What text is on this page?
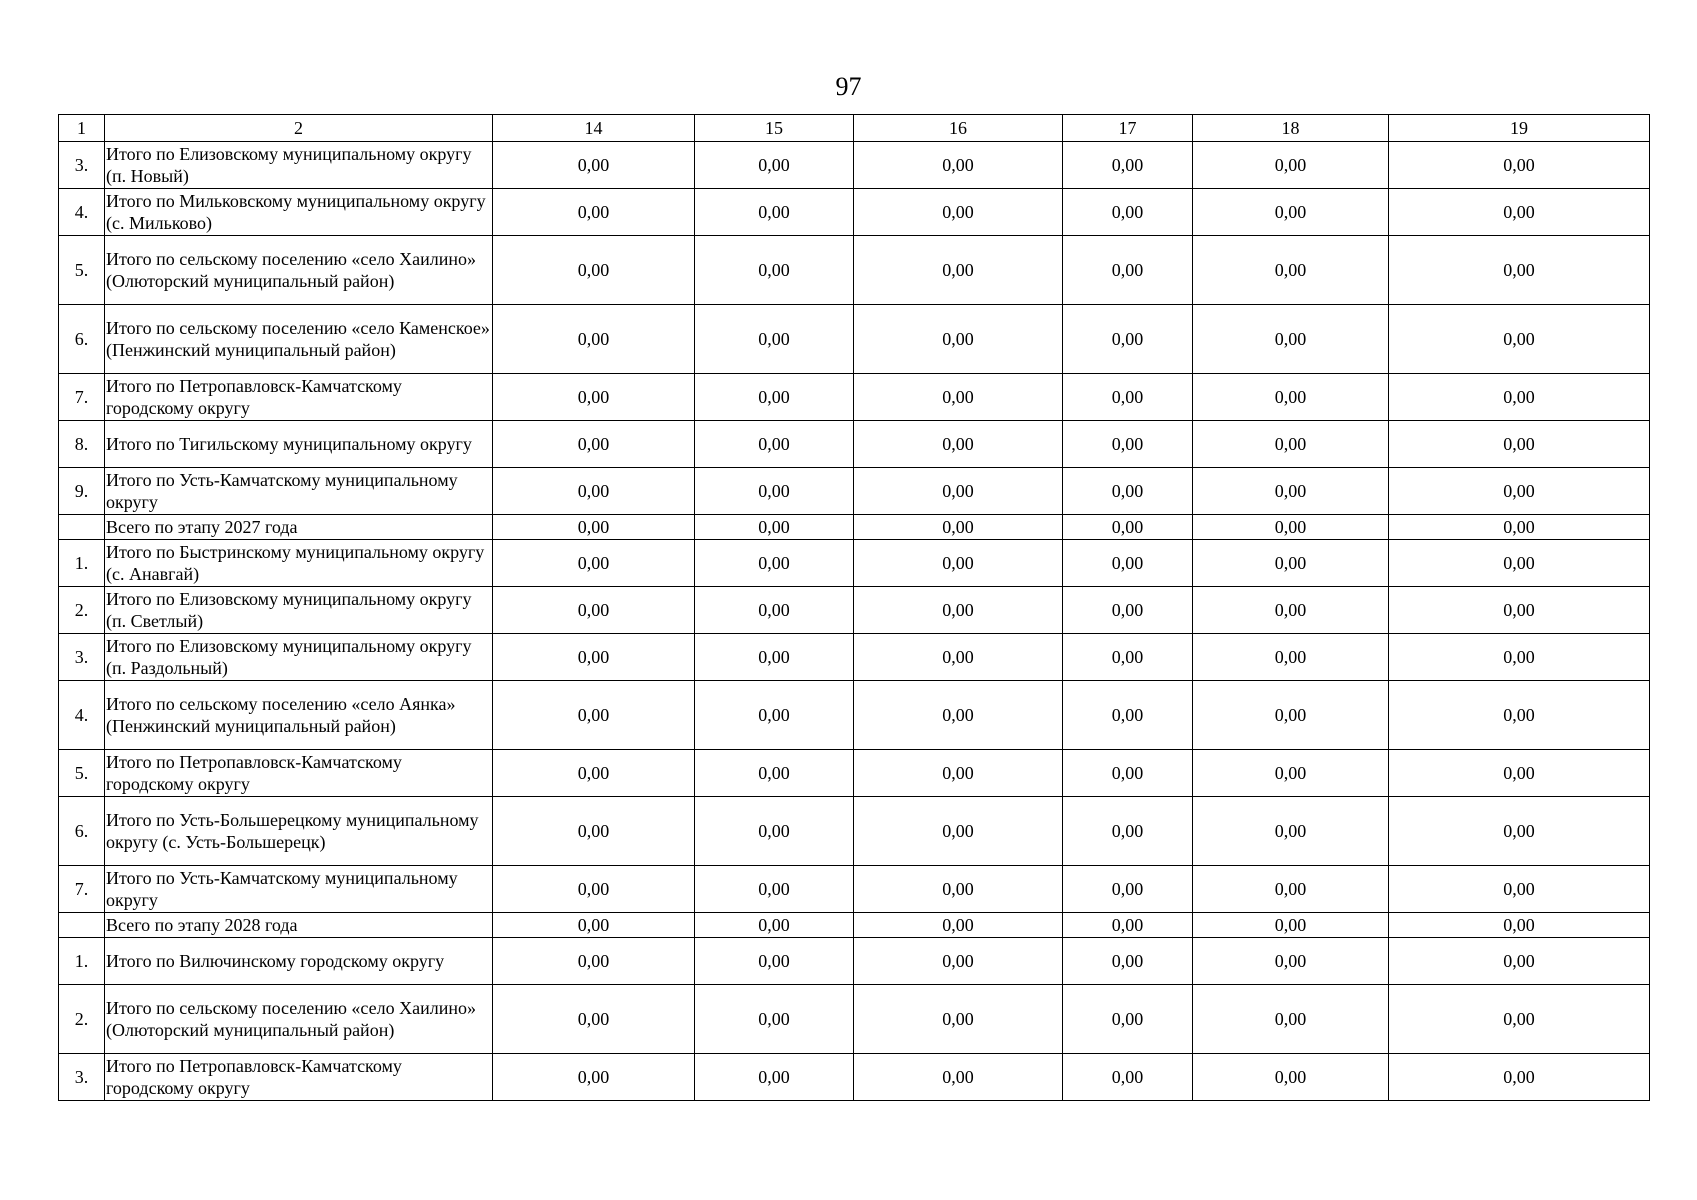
97
1	2	14	15	16	17	18	19
3.	Итого по Елизовскому муниципальному округу (п. Новый)	0,00	0,00	0,00	0,00	0,00	0,00
4.	Итого по Мильковскому муниципальному округу (с. Мильково)	0,00	0,00	0,00	0,00	0,00	0,00
5.	Итого по сельскому поселению «село Хаилино» (Олюторский муниципальный район)	0,00	0,00	0,00	0,00	0,00	0,00
6.	Итого по сельскому поселению «село Каменское» (Пенжинский муниципальный район)	0,00	0,00	0,00	0,00	0,00	0,00
7.	Итого по Петропавловск-Камчатскому городскому округу	0,00	0,00	0,00	0,00	0,00	0,00
8.	Итого по Тигильскому муниципальному округу	0,00	0,00	0,00	0,00	0,00	0,00
9.	Итого по Усть-Камчатскому муниципальному округу	0,00	0,00	0,00	0,00	0,00	0,00
	Всего по этапу 2027 года	0,00	0,00	0,00	0,00	0,00	0,00
1.	Итого по Быстринскому муниципальному округу (с. Анавгай)	0,00	0,00	0,00	0,00	0,00	0,00
2.	Итого по Елизовскому муниципальному округу (п. Светлый)	0,00	0,00	0,00	0,00	0,00	0,00
3.	Итого по Елизовскому муниципальному округу (п. Раздольный)	0,00	0,00	0,00	0,00	0,00	0,00
4.	Итого по сельскому поселению «село Аянка» (Пенжинский муниципальный район)	0,00	0,00	0,00	0,00	0,00	0,00
5.	Итого по Петропавловск-Камчатскому городскому округу	0,00	0,00	0,00	0,00	0,00	0,00
6.	Итого по Усть-Большерецкому муниципальному округу (с. Усть-Большерецк)	0,00	0,00	0,00	0,00	0,00	0,00
7.	Итого по Усть-Камчатскому муниципальному округу	0,00	0,00	0,00	0,00	0,00	0,00
	Всего по этапу 2028 года	0,00	0,00	0,00	0,00	0,00	0,00
1.	Итого по Вилючинскому городскому округу	0,00	0,00	0,00	0,00	0,00	0,00
2.	Итого по сельскому поселению «село Хаилино» (Олюторский муниципальный район)	0,00	0,00	0,00	0,00	0,00	0,00
3.	Итого по Петропавловск-Камчатскому городскому округу	0,00	0,00	0,00	0,00	0,00	0,00
